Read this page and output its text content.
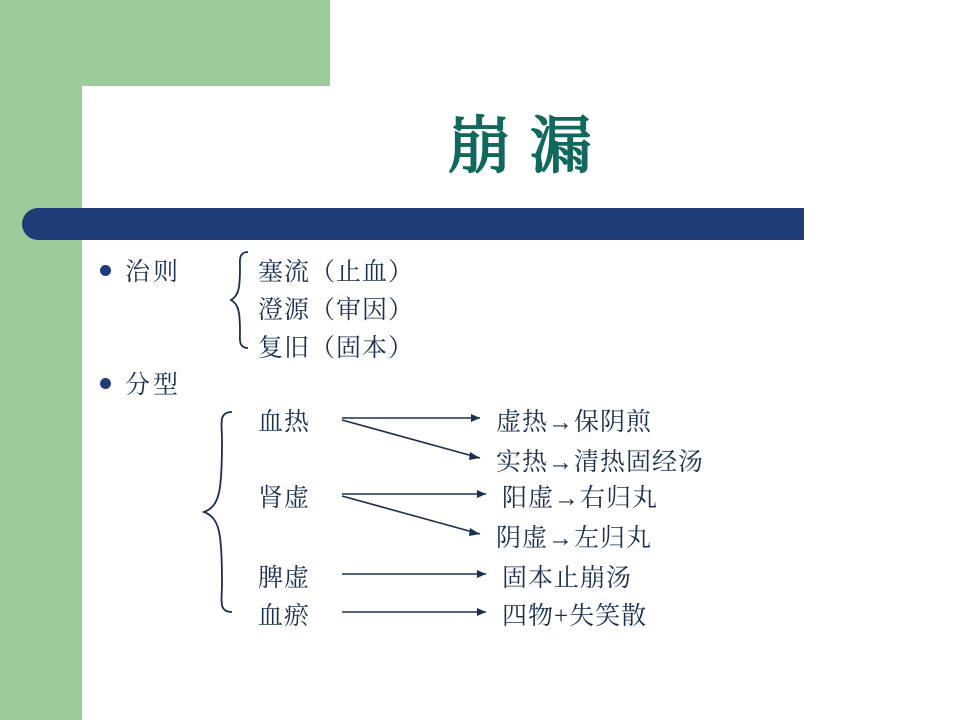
崩 漏
治则	塞流（止血）
澄源（审因）
复旧（固本）
分型
血热
肾虚
脾虚
血瘀
虚热→保阴煎
实热→清热固经汤
阳虚→右归丸
阴虚→左归丸
固本止崩汤
四物+失笑散
